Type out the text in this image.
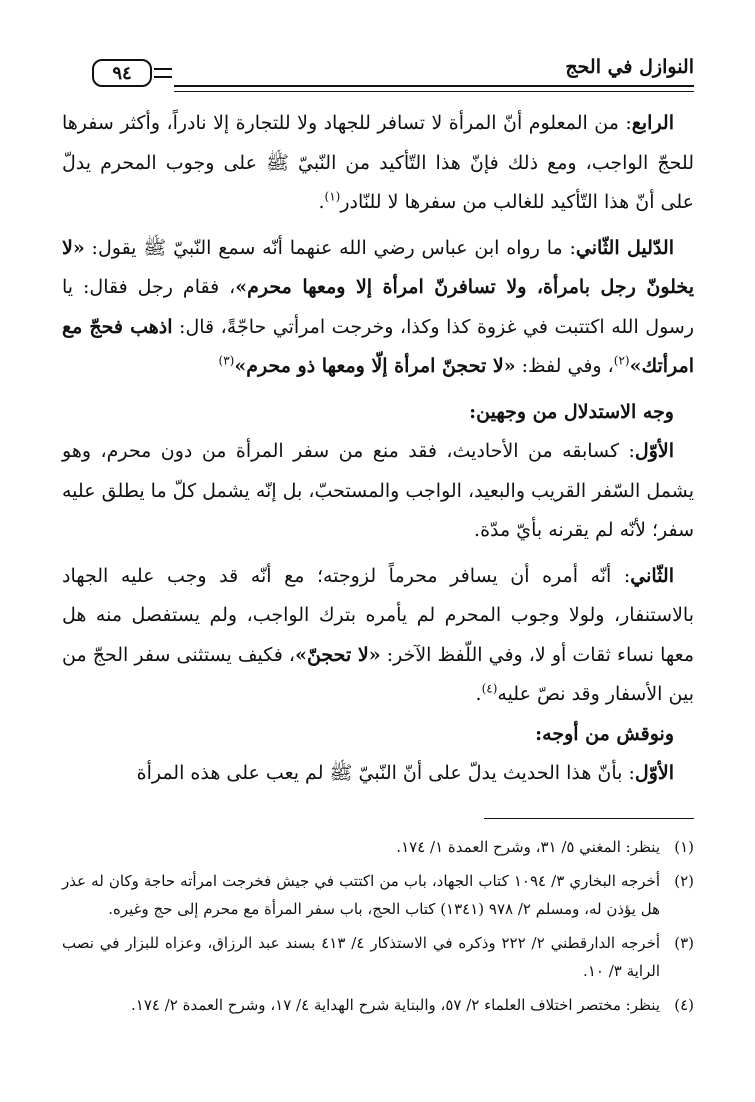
النوازل في الحج
٩٤

الرابع: من المعلوم أنّ المرأة لا تسافر للجهاد ولا للتجارة إلا نادراً، وأكثر سفرها للحجّ الواجب، ومع ذلك فإنّ هذا التّأكيد من النّبيّ ﷺ على وجوب المحرم يدلّ على أنّ هذا التّأكيد للغالب من سفرها لا للنّادر$^{(١)}$.

الدّليل الثّاني: ما رواه ابن عباس رضي الله عنهما أنّه سمع النّبيّ ﷺ يقول: «لا يخلونّ رجل بامرأة، ولا تسافرنّ امرأة إلا ومعها محرم»، فقام رجل فقال: يا رسول الله اكتتبت في غزوة كذا وكذا، وخرجت امرأتي حاجّةً، قال: اذهب فحجّ مع امرأتك»$^{(٢)}$، وفي لفظ: «لا تحجنّ امرأة إلّا ومعها ذو محرم»$^{(٣)}$

وجه الاستدلال من وجهين:

الأوّل: كسابقه من الأحاديث، فقد منع من سفر المرأة من دون محرم، وهو يشمل السّفر القريب والبعيد، الواجب والمستحبّ، بل إنّه يشمل كلّ ما يطلق عليه سفر؛ لأنّه لم يقرنه بأيّ مدّة.

الثّاني: أنّه أمره أن يسافر محرماً لزوجته؛ مع أنّه قد وجب عليه الجهاد بالاستنفار، ولولا وجوب المحرم لم يأمره بترك الواجب، ولم يستفصل منه هل معها نساء ثقات أو لا، وفي اللّفظ الآخر: «لا تحجنّ»، فكيف يستثنى سفر الحجّ من بين الأسفار وقد نصّ عليه$^{(٤)}$.

ونوقش من أوجه:

الأوّل: بأنّ هذا الحديث يدلّ على أنّ النّبيّ ﷺ لم يعب على هذه المرأة

(١)
ينظر: المغني ٥/ ٣١، وشرح العمدة ١/ ١٧٤.
(٢)
أخرجه البخاري ٣/ ١٠٩٤ كتاب الجهاد، باب من اكتتب في جيش فخرجت امرأته حاجة وكان له عذر هل يؤذن له، ومسلم ٢/ ٩٧٨ (١٣٤١) كتاب الحج، باب سفر المرأة مع محرم إلى حج وغيره.
(٣)
أخرجه الدارقطني ٢/ ٢٢٢ وذكره في الاستذكار ٤/ ٤١٣ بسند عبد الرزاق، وعزاه للبزار في نصب الراية ٣/ ١٠.
(٤)
ينظر: مختصر اختلاف العلماء ٢/ ٥٧، والبناية شرح الهداية ٤/ ١٧، وشرح العمدة ٢/ ١٧٤.
